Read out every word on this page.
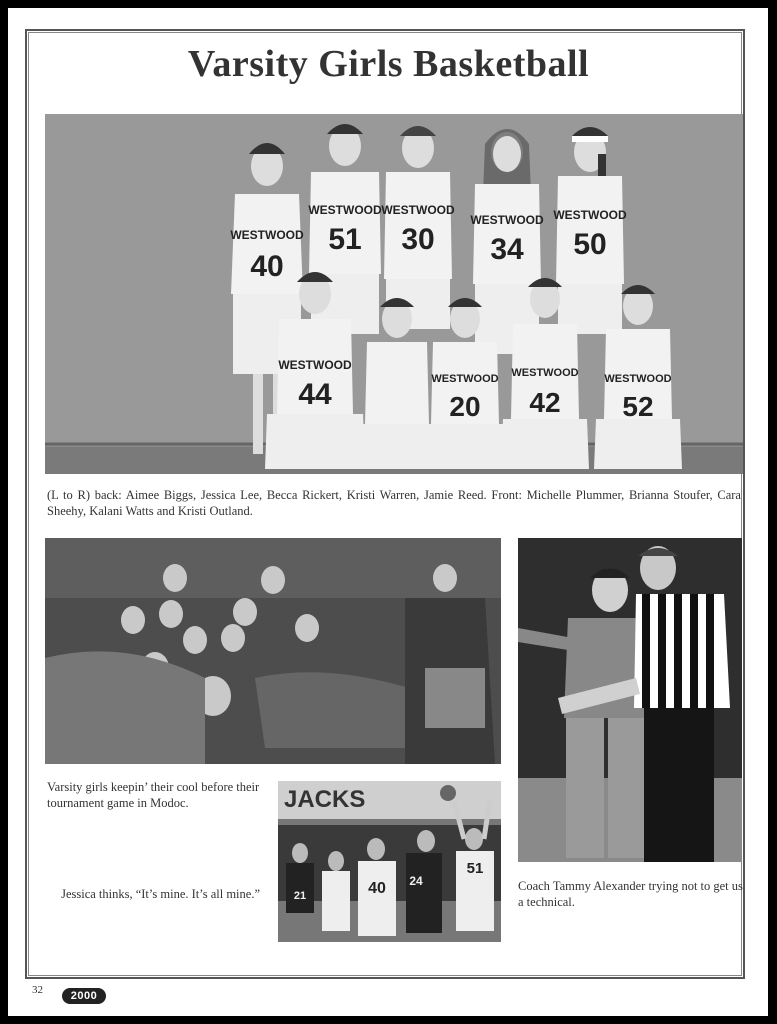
Varsity Girls Basketball
WESTWOOD
40
WESTWOOD
51
WESTWOOD
30
WESTWOOD
34
WESTWOOD
50
WESTWOOD
44	WESTWOOD
20
WESTWOOD
42
WESTWOOD
52
(L to R) back: Aimee Biggs, Jessica Lee, Becca Rickert, Kristi Warren, Jamie Reed. Front: Michelle Plummer, Brianna Stoufer, Cara Sheehy, Kalani Watts and Kristi Outland.
Varsity girls keepin’ their cool before their tournament game in Modoc.
Jessica thinks, “It’s mine. It’s all mine.”
Coach Tammy Alexander trying not to get us a technical.
JACKS
21	40 24
51
32	2000
